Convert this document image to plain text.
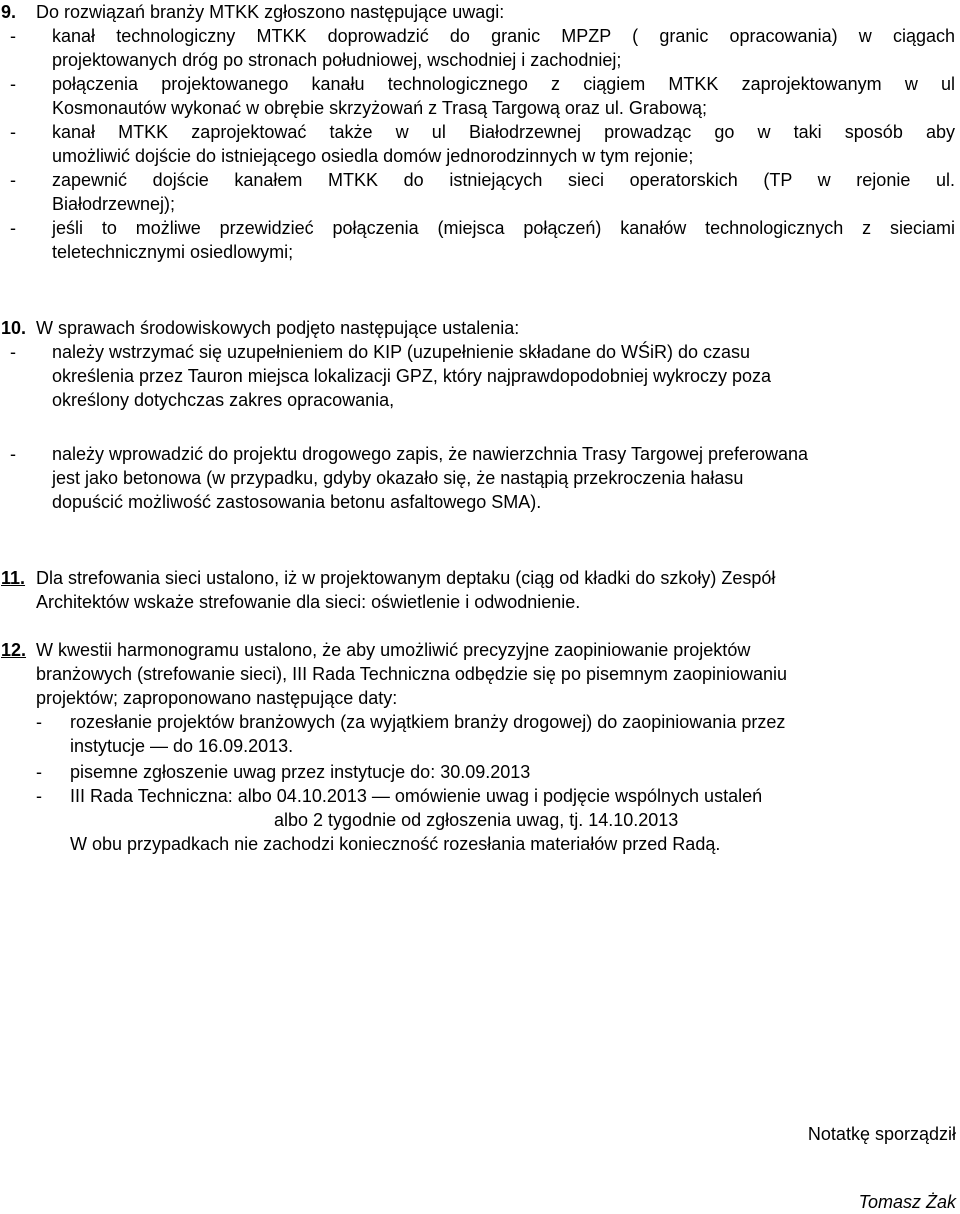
9. Do rozwiązań branży MTKK zgłoszono następujące uwagi:
- kanał technologiczny MTKK doprowadzić do granic MPZP ( granic opracowania) w ciągach
projektowanych dróg po stronach południowej, wschodniej i zachodniej;
- połączenia projektowanego kanału technologicznego z ciągiem MTKK zaprojektowanym w ul
Kosmonautów wykonać w obrębie skrzyżowań z Trasą Targową oraz ul. Grabową;
- kanał MTKK zaprojektować także w ul Białodrzewnej prowadząc go w taki sposób aby
umożliwić dojście do istniejącego osiedla domów jednorodzinnych w tym rejonie;
- zapewnić dojście kanałem MTKK do istniejących sieci operatorskich (TP w rejonie ul.
Białodrzewnej);
- jeśli to możliwe przewidzieć połączenia (miejsca połączeń) kanałów technologicznych z sieciami
teletechnicznymi osiedlowymi;
10. W sprawach środowiskowych podjęto następujące ustalenia:
- należy wstrzymać się uzupełnieniem do KIP (uzupełnienie składane do WŚiR) do czasu
określenia przez Tauron miejsca lokalizacji GPZ, który najprawdopodobniej wykroczy poza
określony dotychczas zakres opracowania,
- należy wprowadzić do projektu drogowego zapis, że nawierzchnia Trasy Targowej preferowana
jest jako betonowa (w przypadku, gdyby okazało się, że nastąpią przekroczenia hałasu
dopuścić możliwość zastosowania betonu asfaltowego SMA).
11. Dla strefowania sieci ustalono, iż w projektowanym deptaku (ciąg od kładki do szkoły) Zespół
Architektów wskaże strefowanie dla sieci: oświetlenie i odwodnienie.
12. W kwestii harmonogramu ustalono, że aby umożliwić precyzyjne zaopiniowanie projektów
branżowych (strefowanie sieci), III Rada Techniczna odbędzie się po pisemnym zaopiniowaniu
projektów; zaproponowano następujące daty:
- rozesłanie projektów branżowych (za wyjątkiem branży drogowej) do zaopiniowania przez
instytucje — do 16.09.2013.
- pisemne zgłoszenie uwag przez instytucje do: 30.09.2013
- III Rada Techniczna: albo 04.10.2013 — omówienie uwag i podjęcie wspólnych ustaleń
albo 2 tygodnie od zgłoszenia uwag, tj. 14.10.2013
W obu przypadkach nie zachodzi konieczność rozesłania materiałów przed Radą.
Notatkę sporządził
Tomasz Żak
